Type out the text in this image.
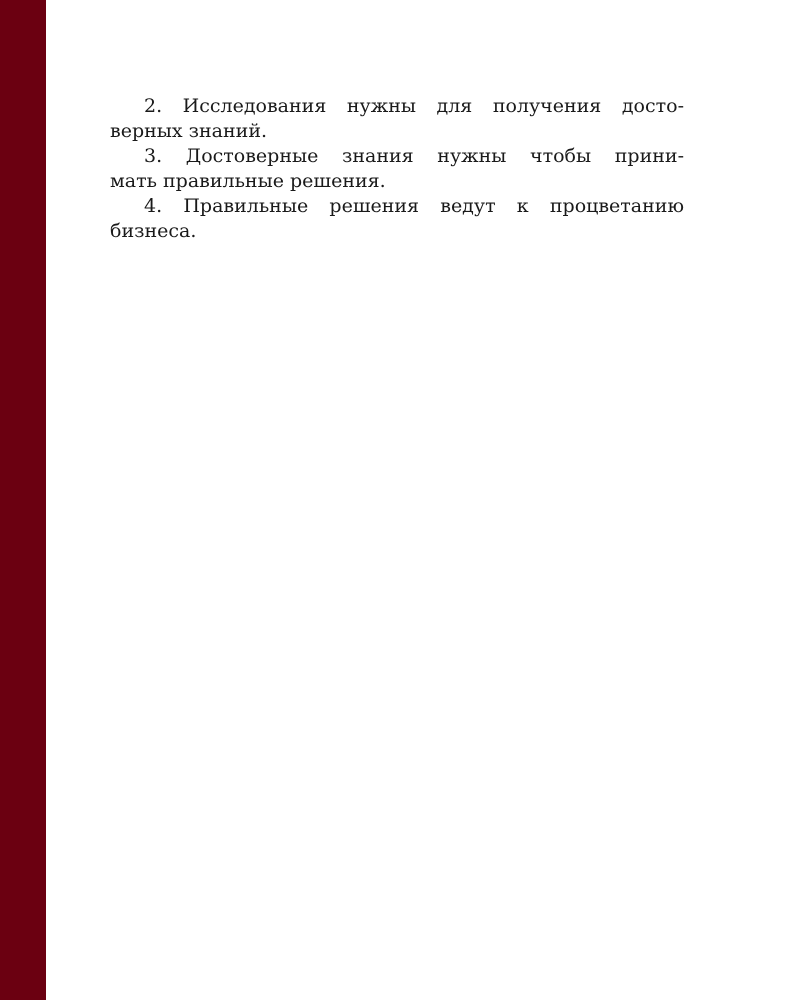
2. Исследования нужны для получения досто-
верных знаний.

3. Достоверные знания нужны чтобы прини-
мать правильные решения.

4. Правильные решения ведут к процветанию
бизнеса.
